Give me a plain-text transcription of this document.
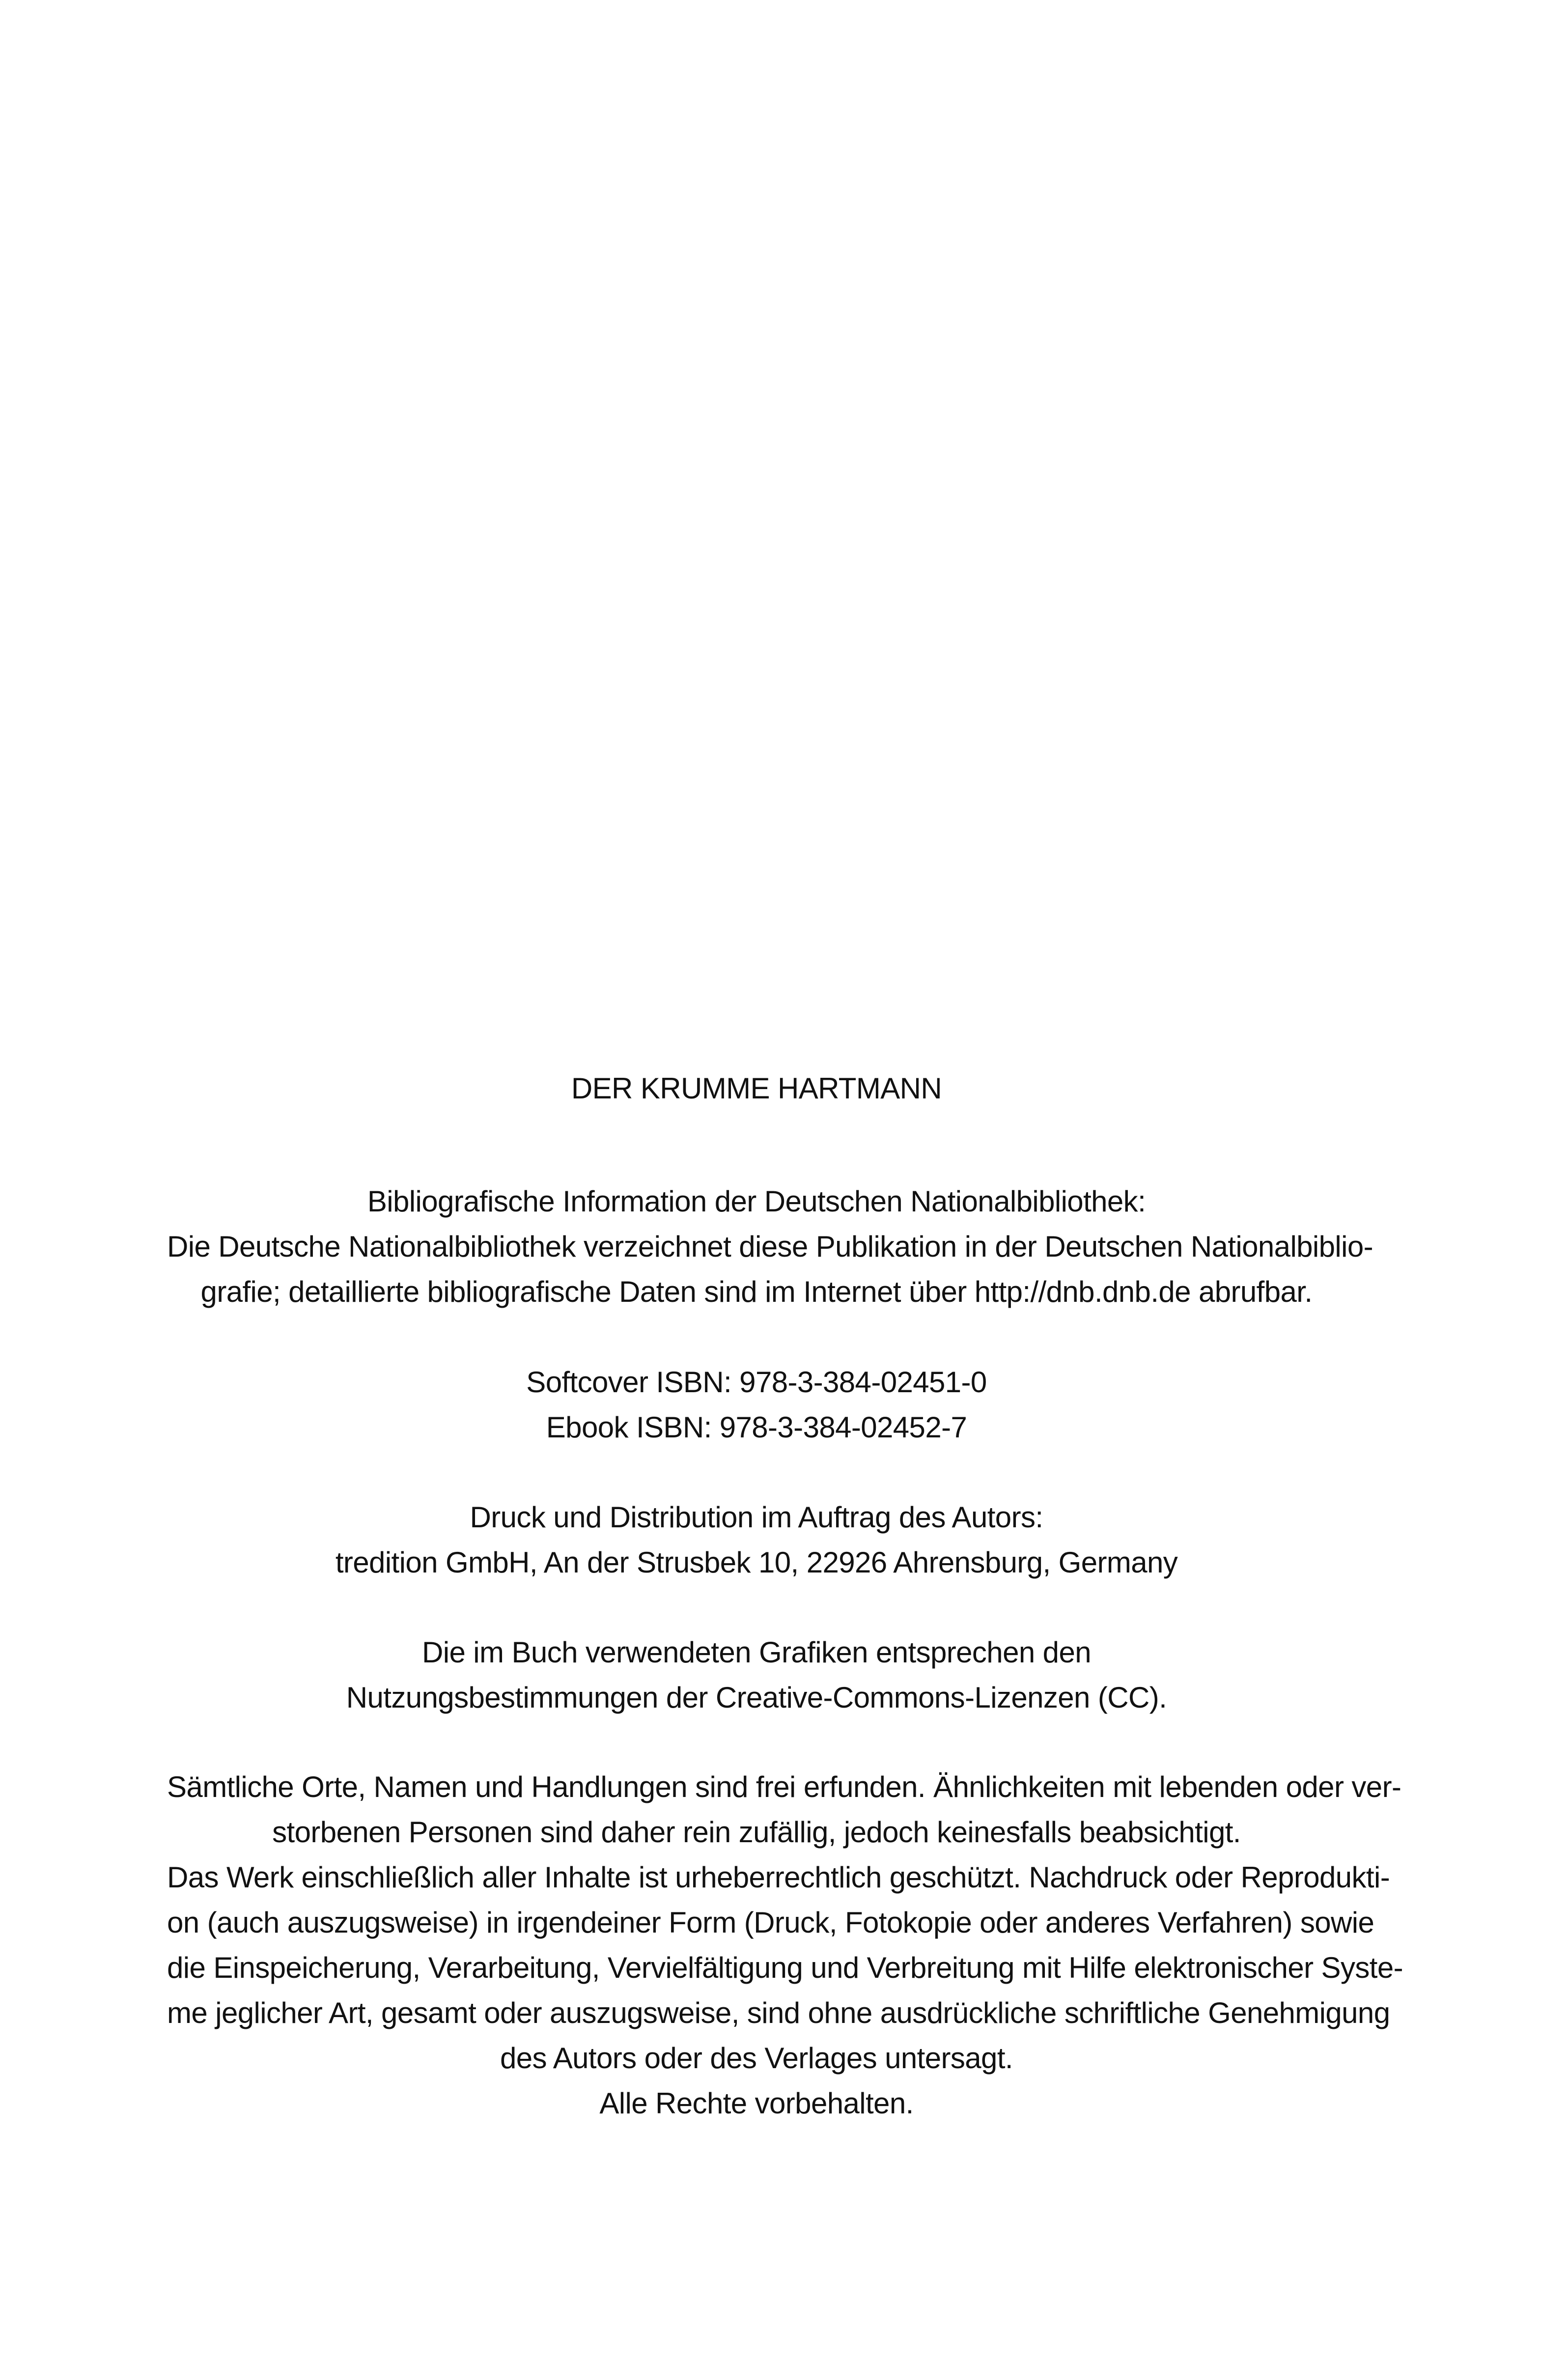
DER KRUMME HARTMANN
Bibliografische Information der Deutschen Nationalbibliothek:
Die Deutsche Nationalbibliothek verzeichnet diese Publikation in der Deutschen Nationalbiblio-
grafie; detaillierte bibliografische Daten sind im Internet über http://dnb.dnb.de abrufbar.
Softcover ISBN: 978-3-384-02451-0
Ebook ISBN: 978-3-384-02452-7
Druck und Distribution im Auftrag des Autors:
tredition GmbH, An der Strusbek 10, 22926 Ahrensburg, Germany
Die im Buch verwendeten Grafiken entsprechen den
Nutzungsbestimmungen der Creative-Commons-Lizenzen (CC).
Sämtliche Orte, Namen und Handlungen sind frei erfunden. Ähnlichkeiten mit lebenden oder ver-
storbenen Personen sind daher rein zufällig, jedoch keinesfalls beabsichtigt.
Das Werk einschließlich aller Inhalte ist urheberrechtlich geschützt. Nachdruck oder Reprodukti-
on (auch auszugsweise) in irgendeiner Form (Druck, Fotokopie oder anderes Verfahren) sowie
die Einspeicherung, Verarbeitung, Vervielfältigung und Verbreitung mit Hilfe elektronischer Syste-
me jeglicher Art, gesamt oder auszugsweise, sind ohne ausdrückliche schriftliche Genehmigung
des Autors oder des Verlages untersagt.
Alle Rechte vorbehalten.
